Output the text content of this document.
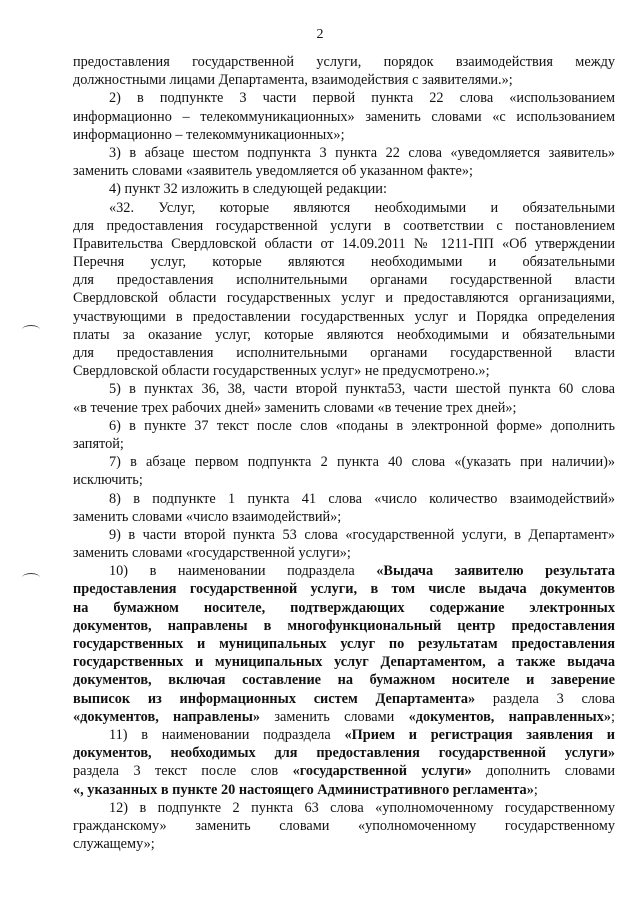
2
предоставления государственной услуги, порядок взаимодействия между
должностными лицами Департамента, взаимодействия с заявителями.»;
2) в подпункте 3 части первой пункта 22 слова «использованием
информационно – телекоммуникационных» заменить словами «с использованием
информационно – телекоммуникационных»;
3) в абзаце шестом подпункта 3 пункта 22 слова «уведомляется заявитель»
заменить словами «заявитель уведомляется об указанном факте»;
4) пункт 32 изложить в следующей редакции:
«32. Услуг, которые являются необходимыми и обязательными
для предоставления государственной услуги в соответствии с постановлением
Правительства Свердловской области от 14.09.2011 № 1211-ПП «Об утверждении
Перечня услуг, которые являются необходимыми и обязательными
для предоставления исполнительными органами государственной власти
Свердловской области государственных услуг и предоставляются организациями,
участвующими в предоставлении государственных услуг и Порядка определения
платы за оказание услуг, которые являются необходимыми и обязательными
для предоставления исполнительными органами государственной власти
Свердловской области государственных услуг» не предусмотрено.»;
5) в пунктах 36, 38, части второй пункта53, части шестой пункта 60 слова
«в течение трех рабочих дней» заменить словами «в течение трех дней»;
6) в пункте 37 текст после слов «поданы в электронной форме» дополнить
запятой;
7) в абзаце первом подпункта 2 пункта 40 слова «(указать при наличии)»
исключить;
8) в подпункте 1 пункта 41 слова «число количество взаимодействий»
заменить словами «число взаимодействий»;
9) в части второй пункта 53 слова «государственной услуги, в Департамент»
заменить словами «государственной услуги»;
10) в наименовании подраздела «Выдача заявителю результата
предоставления государственной услуги, в том числе выдача документов
на бумажном носителе, подтверждающих содержание электронных
документов, направлены в многофункциональный центр предоставления
государственных и муниципальных услуг по результатам предоставления
государственных и муниципальных услуг Департаментом, а также выдача
документов, включая составление на бумажном носителе и заверение
выписок из информационных систем Департамента» раздела 3 слова
«документов, направлены» заменить словами «документов, направленных»;
11) в наименовании подраздела «Прием и регистрация заявления и
документов, необходимых для предоставления государственной услуги»
раздела 3 текст после слов «государственной услуги» дополнить словами
«, указанных в пункте 20 настоящего Административного регламента»;
12) в подпункте 2 пункта 63 слова «уполномоченному государственному
гражданскому» заменить словами «уполномоченному государственному
служащему»;
